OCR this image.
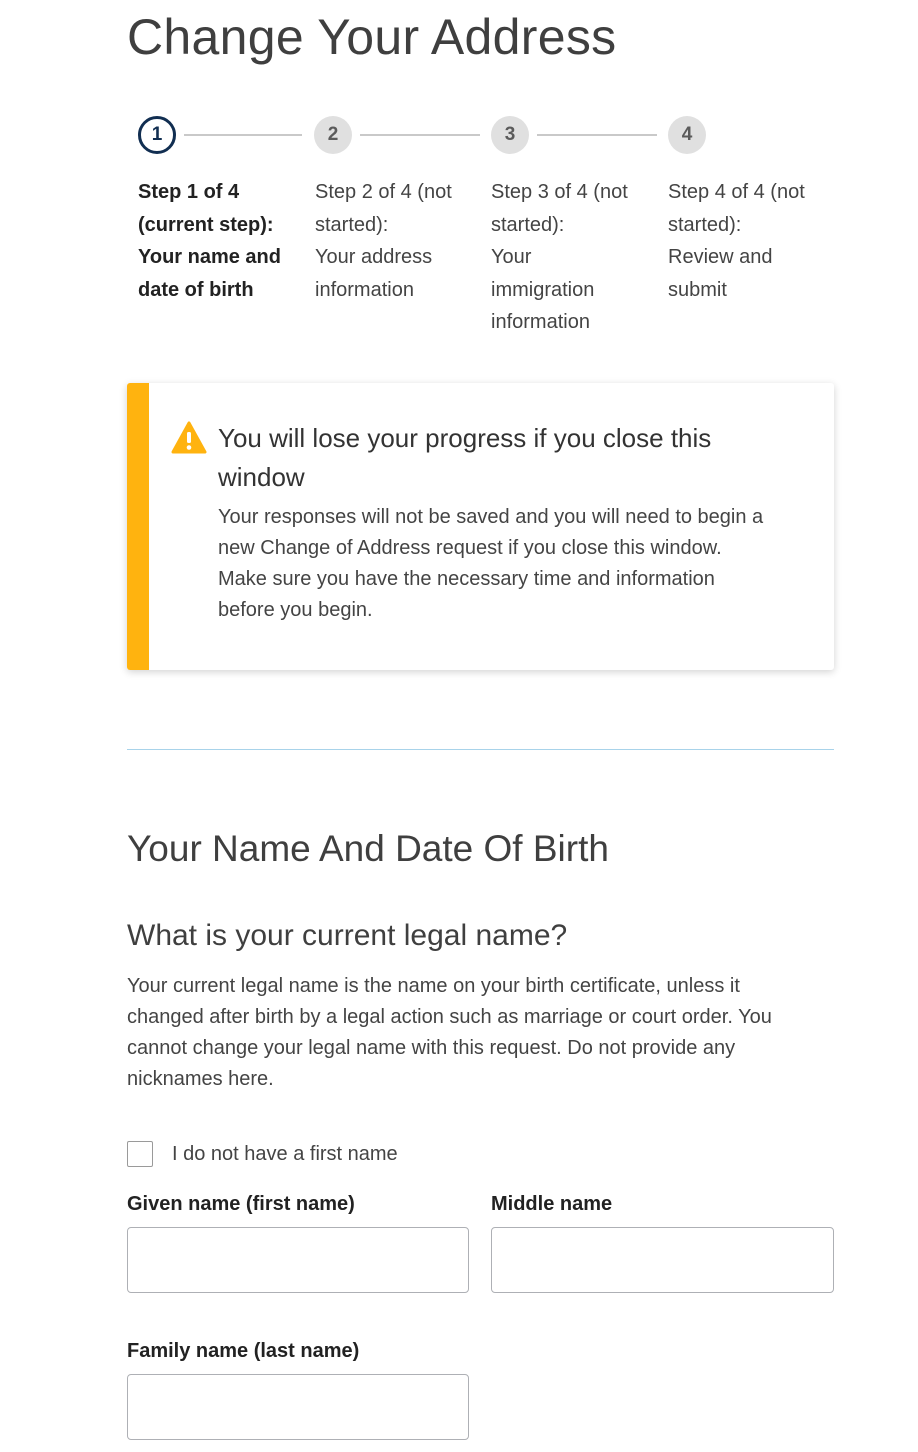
Change Your Address
1	2	3	4
Step 1 of 4
(current step):
Your name and
date of birth
Step 2 of 4 (not
started):
Your address
information
Step 3 of 4 (not
started):
Your
immigration
information
Step 4 of 4 (not
started):
Review and
submit
You will lose your progress if you close this
window
Your responses will not be saved and you will need to begin a
new Change of Address request if you close this window.
Make sure you have the necessary time and information
before you begin.
Your Name And Date Of Birth
What is your current legal name?
Your current legal name is the name on your birth certificate, unless it
changed after birth by a legal action such as marriage or court order. You
cannot change your legal name with this request. Do not provide any
nicknames here.
I do not have a first name
Given name (first name)	Middle name
Family name (last name)
